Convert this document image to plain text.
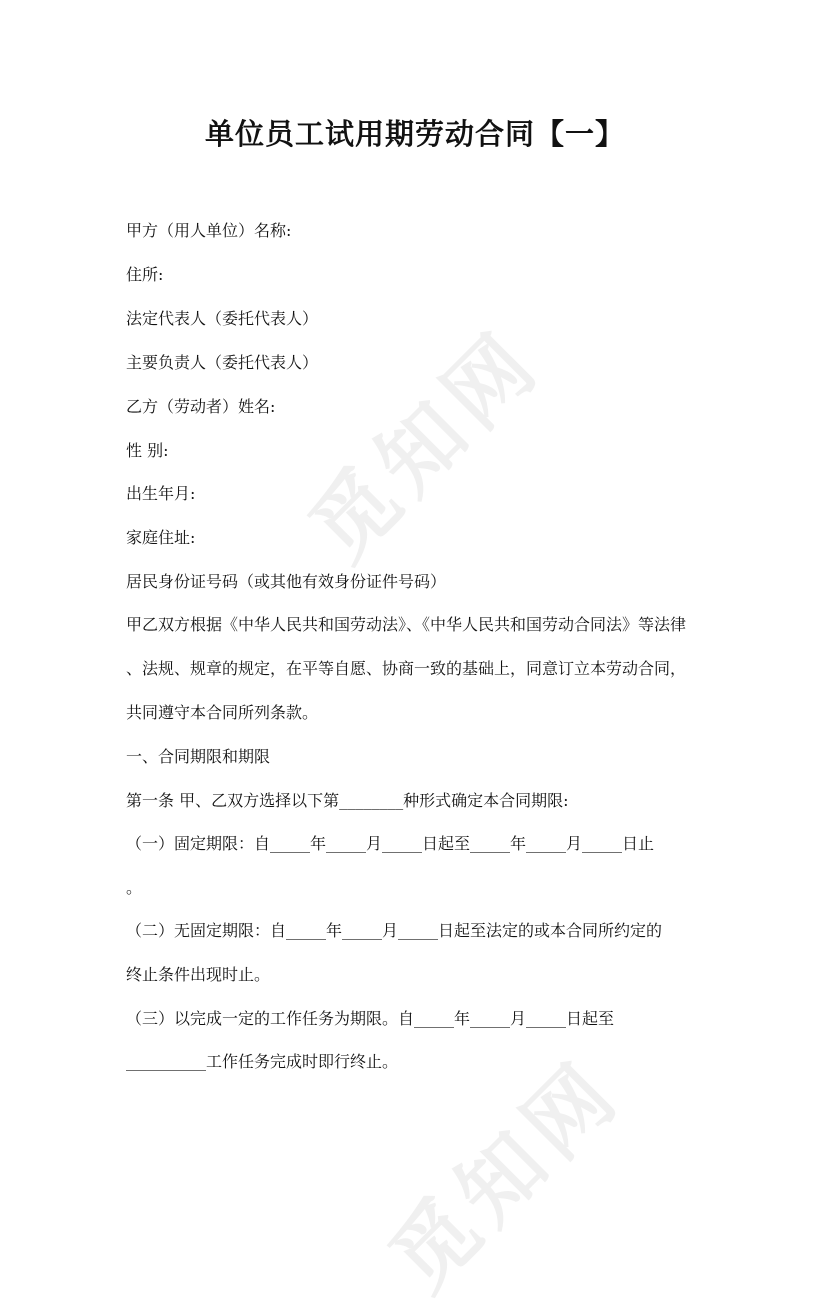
觅知网
觅知网
单位员工试用期劳动合同【一】
甲方（用人单位）名称:
住所:
法定代表人（委托代表人）
主要负责人（委托代表人）
乙方（劳动者）姓名:
性 别:
出生年月:
家庭住址:
居民身份证号码（或其他有效身份证件号码）
甲乙双方根据《中华人民共和国劳动法》、《中华人民共和国劳动合同法》等法律
、法规、规章的规定，在平等自愿、协商一致的基础上，同意订立本劳动合同，
共同遵守本合同所列条款。
一、合同期限和期限
第一条 甲、乙双方选择以下第________种形式确定本合同期限:
（一）固定期限：自_____年_____月_____日起至_____年_____月_____日止
。
（二）无固定期限：自_____年_____月_____日起至法定的或本合同所约定的
终止条件出现时止。
（三）以完成一定的工作任务为期限。自_____年_____月_____日起至
__________工作任务完成时即行终止。
